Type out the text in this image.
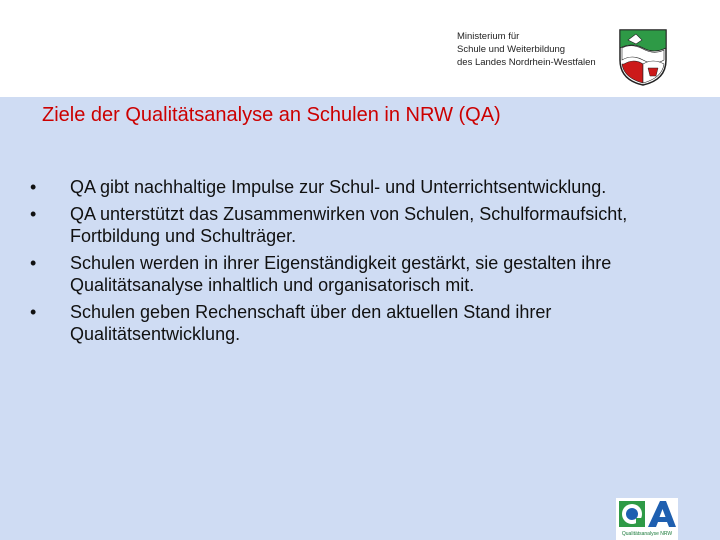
Ministerium für
Schule und Weiterbildung
des Landes Nordrhein-Westfalen
Ziele der Qualitätsanalyse an Schulen in NRW (QA)
•	QA gibt nachhaltige Impulse zur Schul- und Unterrichtsentwicklung.
•	QA unterstützt das Zusammenwirken von Schulen, Schulformaufsicht, Fortbildung und Schulträger.
•	Schulen werden in ihrer Eigenständigkeit gestärkt, sie gestalten ihre Qualitätsanalyse inhaltlich und organisatorisch mit.
•	Schulen geben Rechenschaft über den aktuellen Stand ihrer Qualitätsentwicklung.
Qualitätsanalyse NRW
